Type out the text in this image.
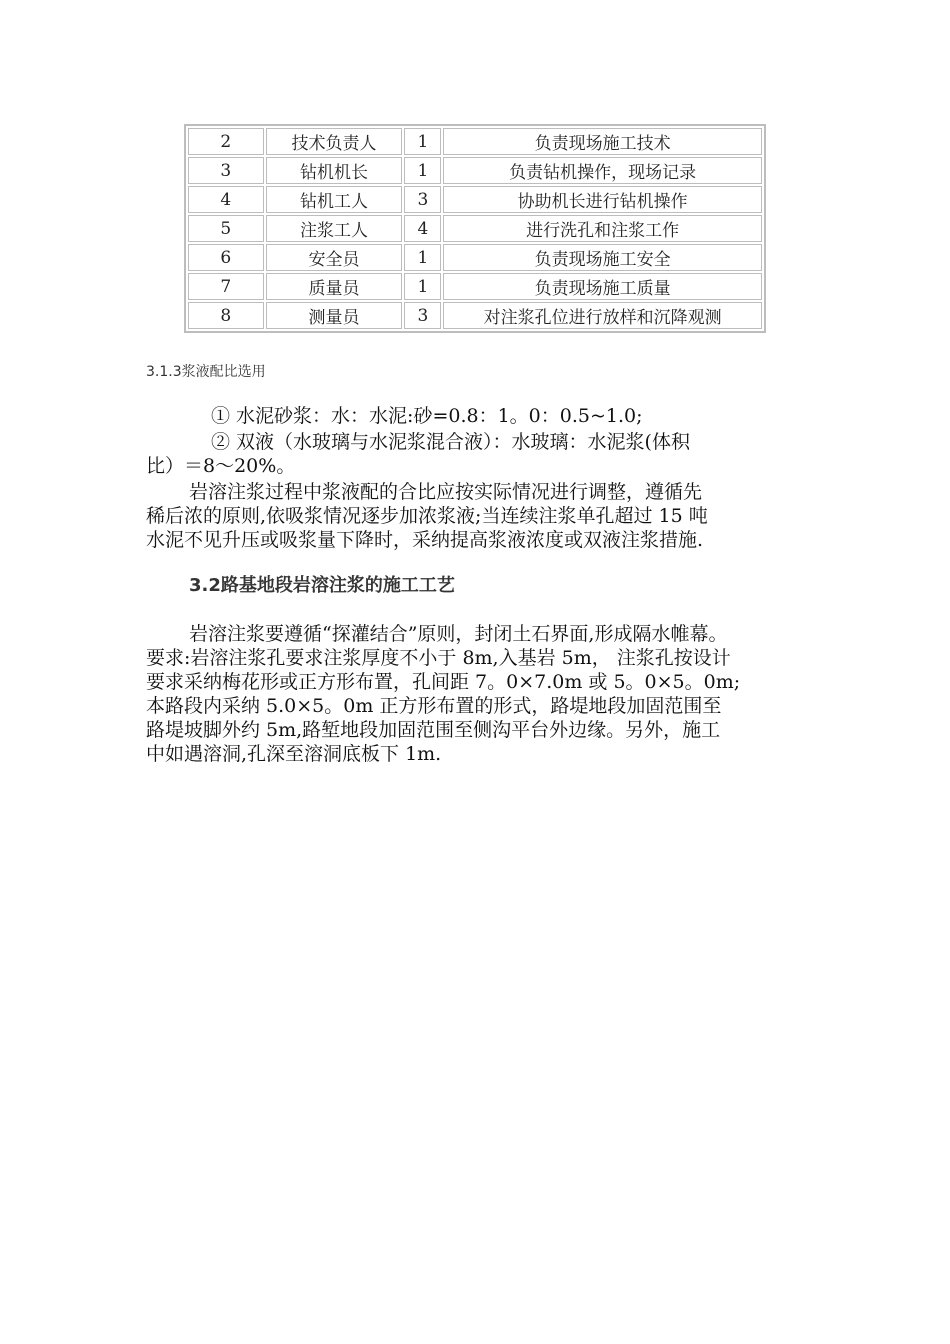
2	技术负责人	1	负责现场施工技术
3	钻机机长	1	负责钻机操作，现场记录
4	钻机工人	3	协助机长进行钻机操作
5	注浆工人	4	进行洗孔和注浆工作
6	安全员	1	负责现场施工安全
7	质量员	1	负责现场施工质量
8	测量员	3	对注浆孔位进行放样和沉降观测
3.1.3浆液配比选用

① 水泥砂浆：水：水泥:砂=0.8：1。0：0.5~1.0;

② 双液（水玻璃与水泥浆混合液）：水玻璃：水泥浆(体积

比）＝8～20%。

岩溶注浆过程中浆液配的合比应按实际情况进行调整，遵循先

稀后浓的原则,依吸浆情况逐步加浓浆液;当连续注浆单孔超过 15 吨

水泥不见升压或吸浆量下降时，采纳提高浆液浓度或双液注浆措施.

3.2路基地段岩溶注浆的施工工艺

岩溶注浆要遵循“探灌结合”原则，封闭土石界面,形成隔水帷幕。

要求:岩溶注浆孔要求注浆厚度不小于 8m,入基岩 5m， 注浆孔按设计

要求采纳梅花形或正方形布置，孔间距 7。0×7.0m 或 5。0×5。0m;

本路段内采纳 5.0×5。0m 正方形布置的形式，路堤地段加固范围至

路堤坡脚外约 5m,路堑地段加固范围至侧沟平台外边缘。另外，施工

中如遇溶洞,孔深至溶洞底板下 1m.
